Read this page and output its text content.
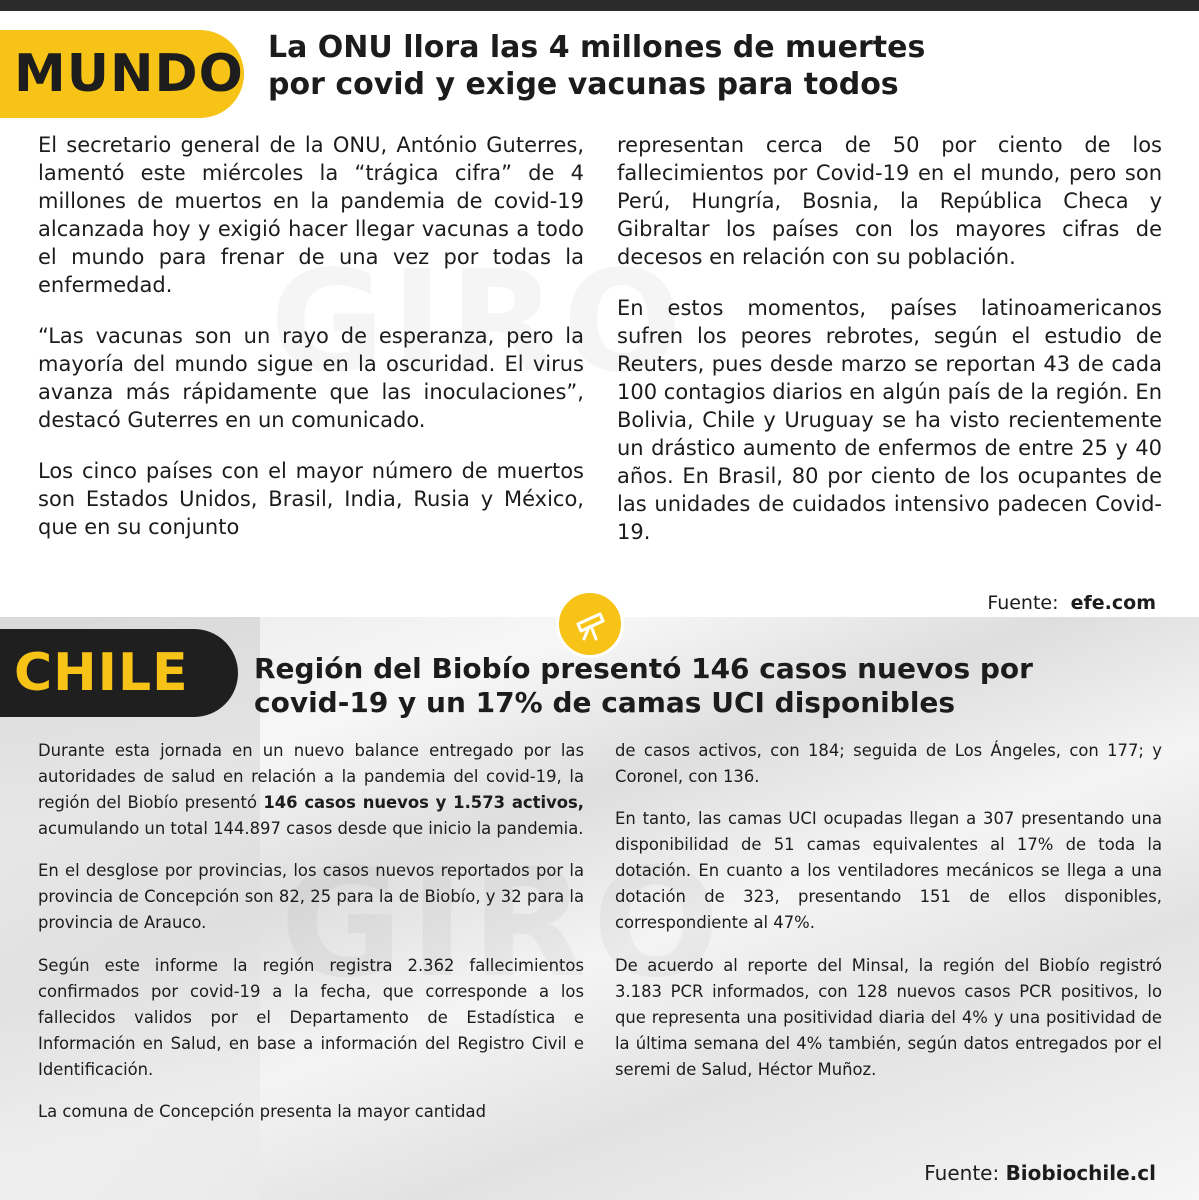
MUNDO La ONU llora las 4 millones de muertes
por covid y exige vacunas para todos

El secretario general de la ONU, António Guterres, lamentó este miércoles la “trágica cifra” de 4 millones de muertos en la pandemia de covid-19 alcanzada hoy y exigió hacer llegar vacunas a todo el mundo para frenar de una vez por todas la enfermedad.

“Las vacunas son un rayo de esperanza, pero la mayoría del mundo sigue en la oscuridad. El virus avanza más rápidamente que las inoculaciones”, destacó Guterres en un comunicado.

Los cinco países con el mayor número de muertos son Estados Unidos, Brasil, India, Rusia y México, que en su conjunto

representan cerca de 50 por ciento de los fallecimientos por Covid-19 en el mundo, pero son Perú, Hungría, Bosnia, la República Checa y Gibraltar los países con los mayores cifras de decesos en relación con su población.

En estos momentos, países latinoamericanos sufren los peores rebrotes, según el estudio de Reuters, pues desde marzo se reportan 43 de cada 100 contagios diarios en algún país de la región. En Bolivia, Chile y Uruguay se ha visto recientemente un drástico aumento de enfermos de entre 25 y 40 años. En Brasil, 80 por ciento de los ocupantes de las unidades de cuidados intensivo padecen Covid-19.

Fuente: efe.com
CHILE	Región del Biobío presentó 146 casos nuevos por
covid-19 y un 17% de camas UCI disponibles

Durante esta jornada en un nuevo balance entregado por las autoridades de salud en relación a la pandemia del covid-19, la región del Biobío presentó 146 casos nuevos y 1.573 activos, acumulando un total 144.897 casos desde que inicio la pandemia.

En el desglose por provincias, los casos nuevos reportados por la provincia de Concepción son 82, 25 para la de Biobío, y 32 para la provincia de Arauco.

Según este informe la región registra 2.362 fallecimientos confirmados por covid-19 a la fecha, que corresponde a los fallecidos validos por el Departamento de Estadística e Información en Salud, en base a información del Registro Civil e Identificación.

La comuna de Concepción presenta la mayor cantidad

de casos activos, con 184; seguida de Los Ángeles, con 177; y Coronel, con 136.

En tanto, las camas UCI ocupadas llegan a 307 presentando una disponibilidad de 51 camas equivalentes al 17% de toda la dotación. En cuanto a los ventiladores mecánicos se llega a una dotación de 323, presentando 151 de ellos disponibles, correspondiente al 47%.

De acuerdo al reporte del Minsal, la región del Biobío registró 3.183 PCR informados, con 128 nuevos casos PCR positivos, lo que representa una positividad diaria del 4% y una positividad de la última semana del 4% también, según datos entregados por el seremi de Salud, Héctor Muñoz.

Fuente: Biobiochile.cl
